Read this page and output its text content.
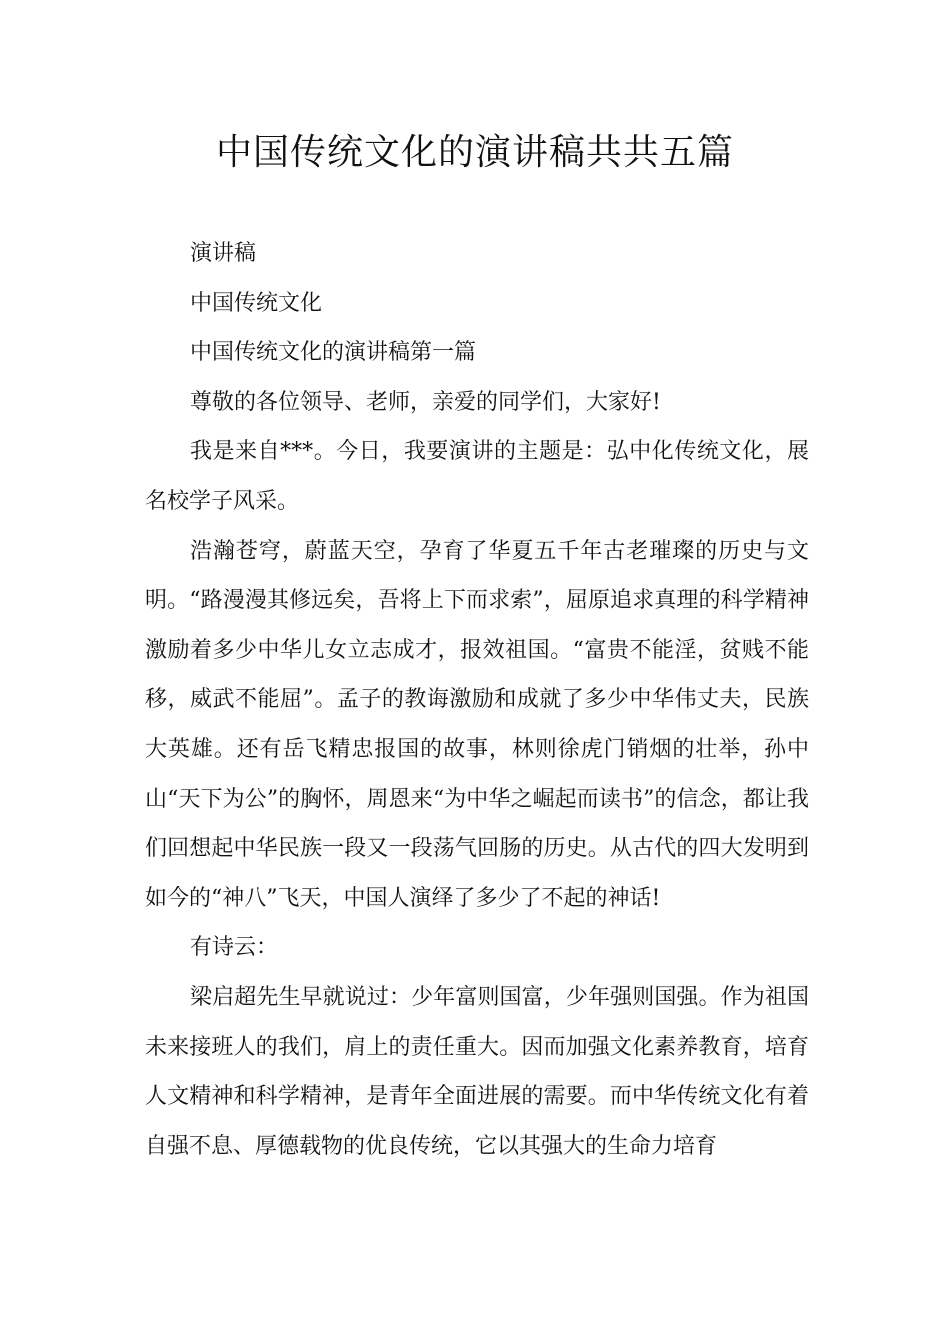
中国传统文化的演讲稿共共五篇

演讲稿

中国传统文化

中国传统文化的演讲稿第一篇

尊敬的各位领导、老师，亲爱的同学们，大家好!

我是来自***。今日，我要演讲的主题是：弘中化传统文化，展名校学子风采。

浩瀚苍穹，蔚蓝天空，孕育了华夏五千年古老璀璨的历史与文明。“路漫漫其修远矣，吾将上下而求索”，屈原追求真理的科学精神激励着多少中华儿女立志成才，报效祖国。“富贵不能淫，贫贱不能移，威武不能屈”。孟子的教诲激励和成就了多少中华伟丈夫，民族大英雄。还有岳飞精忠报国的故事，林则徐虎门销烟的壮举，孙中山“天下为公”的胸怀，周恩来“为中华之崛起而读书”的信念，都让我们回想起中华民族一段又一段荡气回肠的历史。从古代的四大发明到如今的“神八”飞天，中国人演绎了多少了不起的神话!

有诗云：

梁启超先生早就说过：少年富则国富，少年强则国强。作为祖国未来接班人的我们，肩上的责任重大。因而加强文化素养教育，培育人文精神和科学精神，是青年全面进展的需要。而中华传统文化有着自强不息、厚德载物的优良传统，它以其强大的生命力培育
